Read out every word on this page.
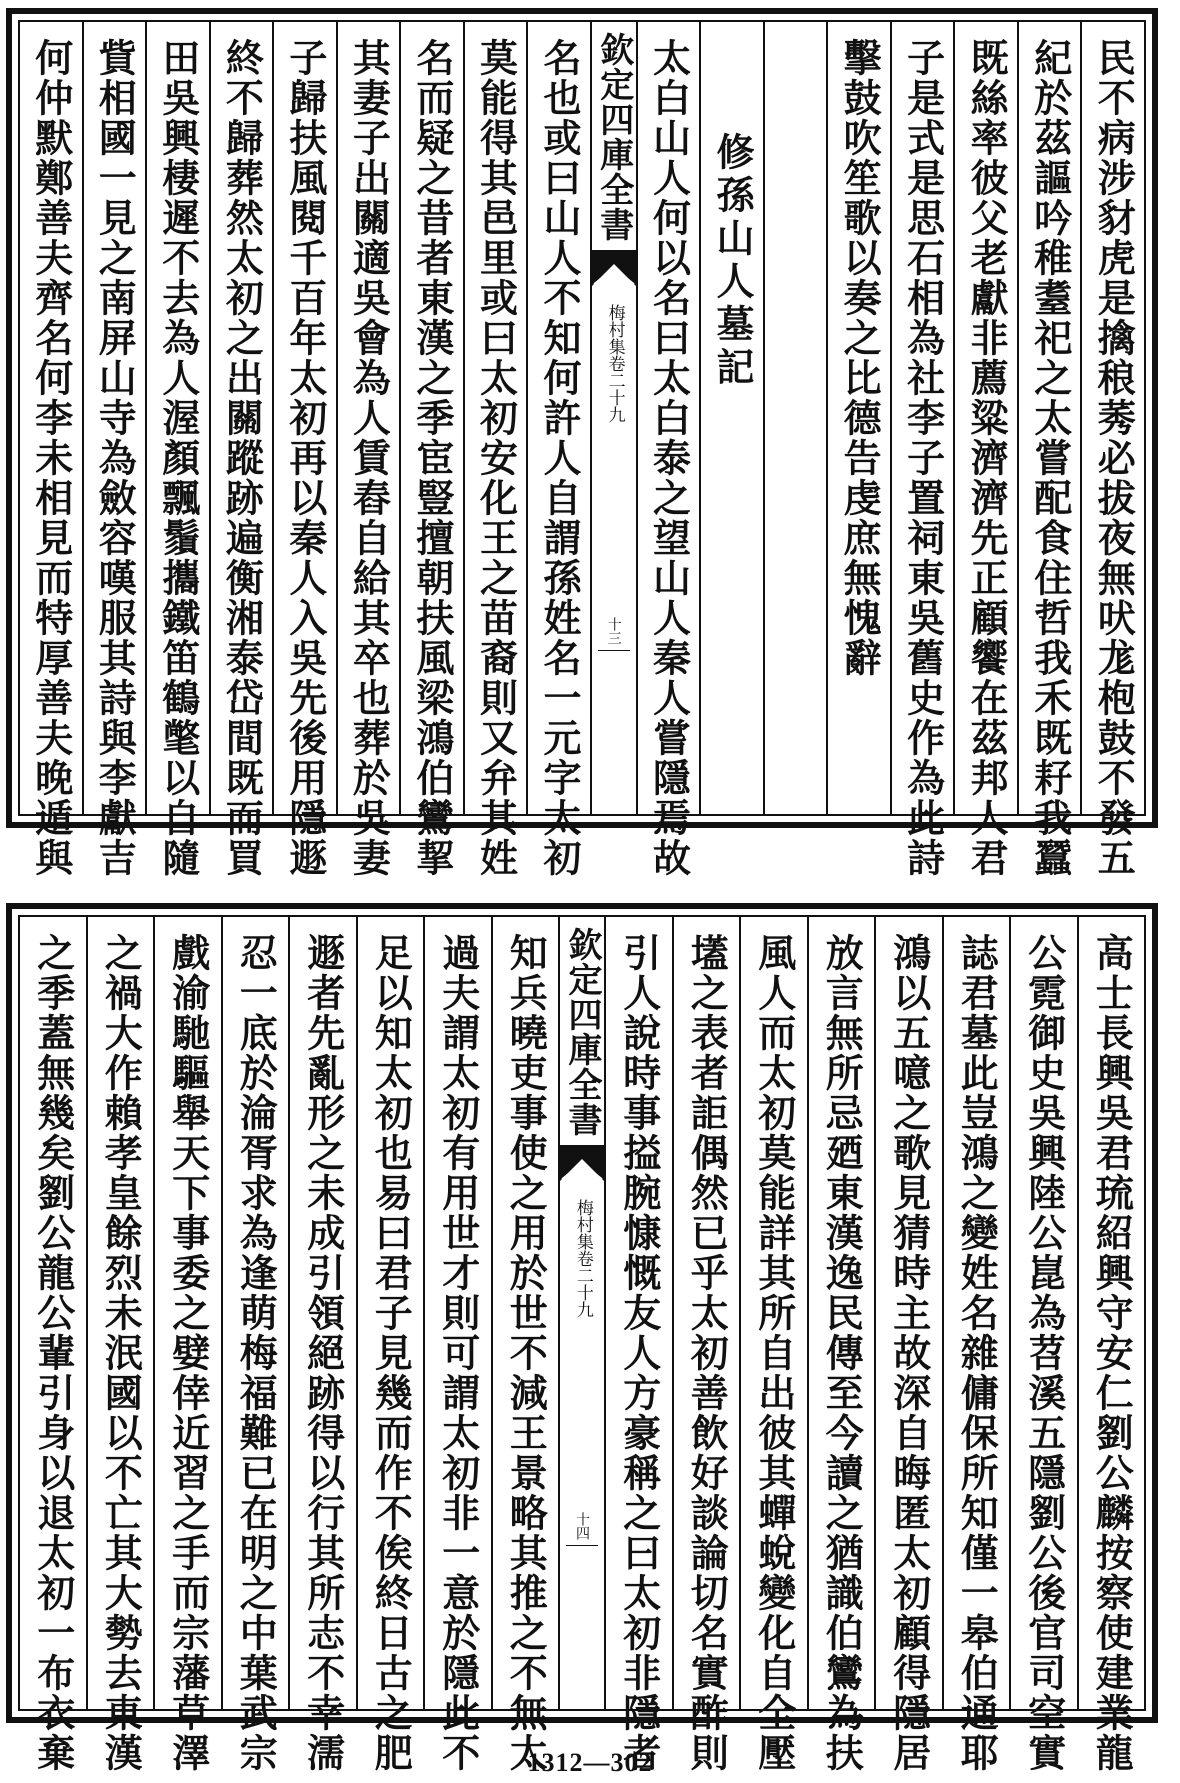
民不病涉豺虎是擒稂莠必拔夜無吠尨枹鼓不發五
紀於茲謳吟稚耋祀之太嘗配食住哲我禾既耔我蠶
既絲率彼父老獻非薦粱濟濟先正顧饗在茲邦人君
子是式是思石相為社李子置祠東吳舊史作為此詩
擊鼓吹笙歌以奏之比德告虔庶無愧辭
修孫山人墓記
太白山人何以名曰太白泰之望山人秦人嘗隱焉故
欽定四庫全書
梅村集卷二十九
十三
名也或曰山人不知何許人自謂孫姓名一元字太初
莫能得其邑里或曰太初安化王之苗裔則又弁其姓
名而疑之昔者東漢之季宦豎擅朝扶風梁鴻伯鸞挈
其妻子出關適吳會為人賃舂自給其卒也葬於吳妻
子歸扶風閱千百年太初再以秦人入吳先後用隱遯
終不歸葬然太初之出關蹤跡遍衡湘泰岱間既而買
田吳興棲遲不去為人渥顏飄鬚攜鐵笛鶴氅以自隨
貲相國一見之南屏山寺為斂容嘆服其詩與李獻吉
何仲默鄭善夫齊名何李未相見而特厚善夫晚遁與
高士長興吳君琉紹興守安仁劉公麟按察使建業龍
公霓御史吳興陸公崑為苕溪五隱劉公後官司空實
誌君墓此豈鴻之變姓名雜傭保所知僅一皋伯通耶
鴻以五噫之歌見猜時主故深自晦匿太初顧得隱居
放言無所忌廼東漢逸民傳至今讀之猶識伯鸞為扶
風人而太初莫能詳其所自出彼其蟬蛻變化自全壓
壒之表者詎偶然已乎太初善飲好談論切名實酢則
引人說時事搤腕慷慨友人方豪稱之曰太初非隱者
欽定四庫全書
梅村集卷二十九
十四
知兵曉吏事使之用於世不減王景略其推之不無太
過夫謂太初有用世才則可謂太初非一意於隱此不
足以知太初也易曰君子見幾而作不俟終日古之肥
遯者先亂形之未成引領絕跡得以行其所志不幸濡
忍一底於淪胥求為逢萌梅福難已在明之中葉武宗
戲渝馳驅舉天下事委之嬖倖近習之手而宗藩草澤
之禍大作賴孝皇餘烈未泯國以不亡其大勢去東漢
之季蓋無幾矣劉公龍公輩引身以退太初一布衣棄	1312—302
